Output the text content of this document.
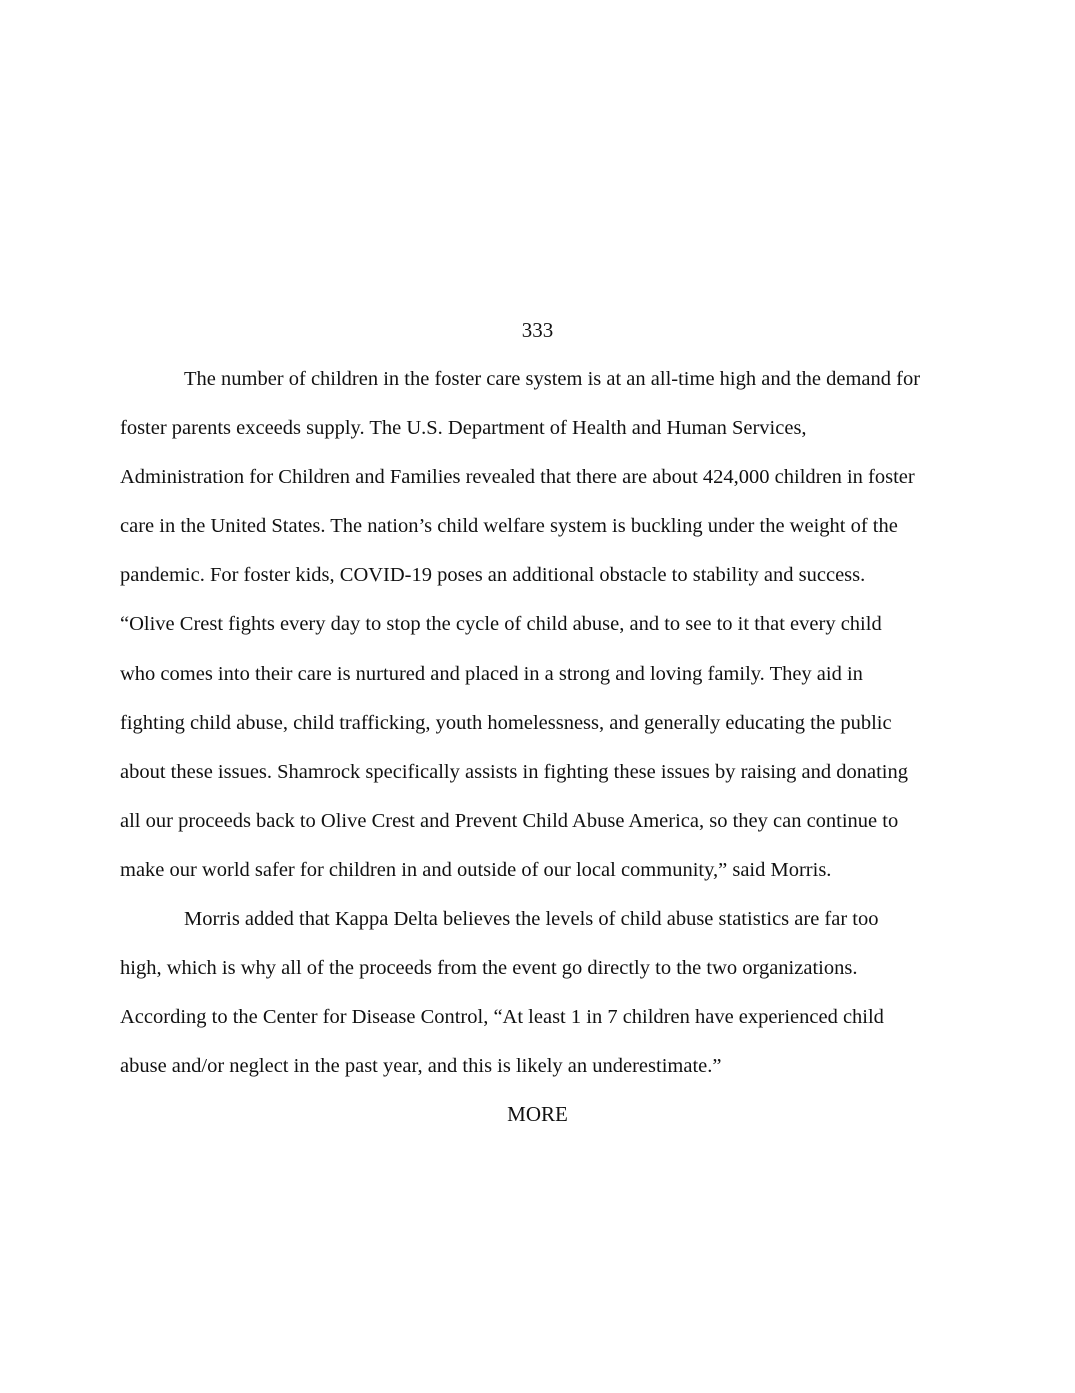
333
The number of children in the foster care system is at an all-time high and the demand for
foster parents exceeds supply. The U.S. Department of Health and Human Services,
Administration for Children and Families revealed that there are about 424,000 children in foster
care in the United States. The nation’s child welfare system is buckling under the weight of the
pandemic. For foster kids, COVID-19 poses an additional obstacle to stability and success.
“Olive Crest fights every day to stop the cycle of child abuse, and to see to it that every child
who comes into their care is nurtured and placed in a strong and loving family. They aid in
fighting child abuse, child trafficking, youth homelessness, and generally educating the public
about these issues. Shamrock specifically assists in fighting these issues by raising and donating
all our proceeds back to Olive Crest and Prevent Child Abuse America, so they can continue to
make our world safer for children in and outside of our local community,” said Morris.
Morris added that Kappa Delta believes the levels of child abuse statistics are far too
high, which is why all of the proceeds from the event go directly to the two organizations.
According to the Center for Disease Control, “At least 1 in 7 children have experienced child
abuse and/or neglect in the past year, and this is likely an underestimate.”
MORE
